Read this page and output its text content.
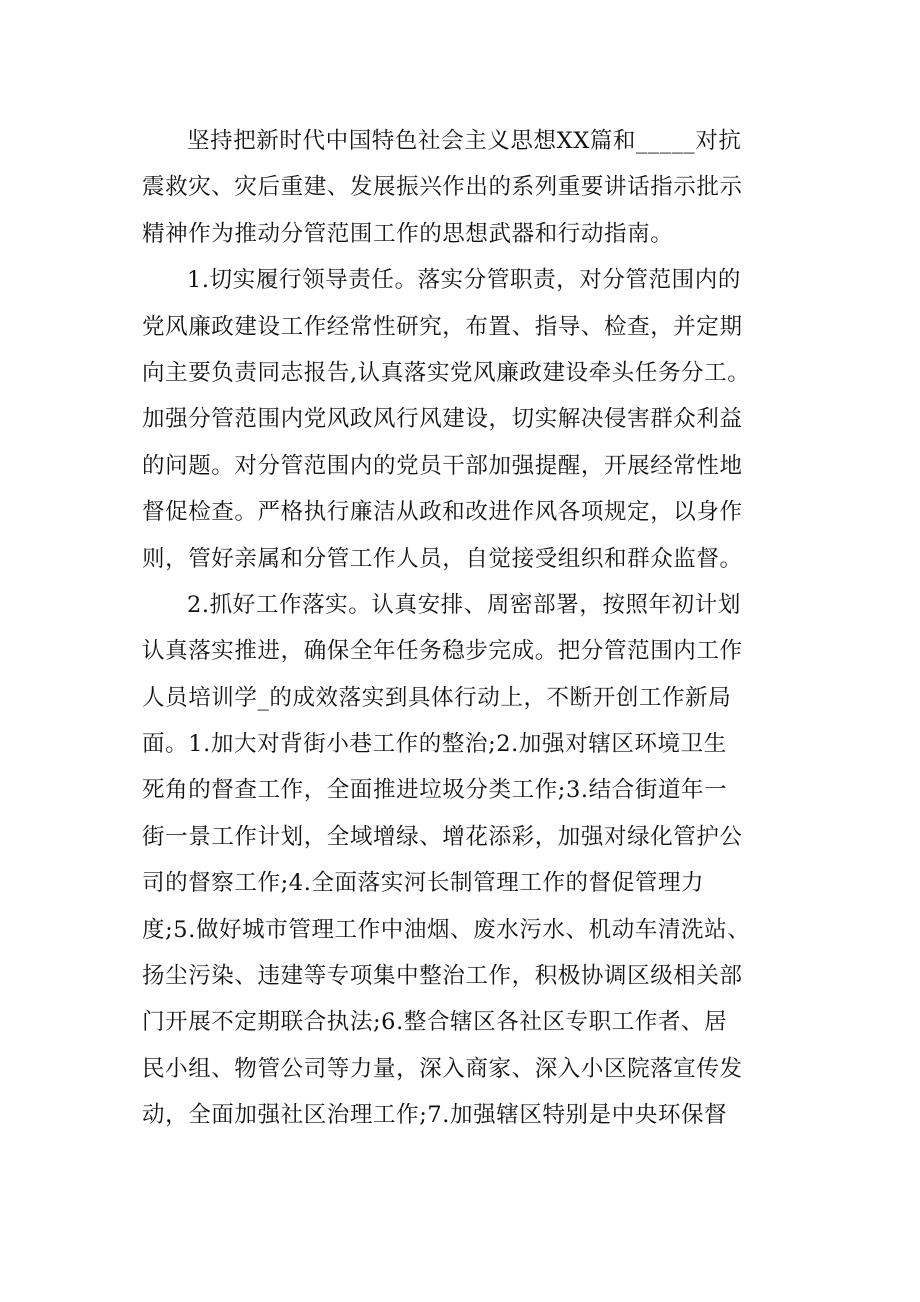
坚持把新时代中国特色社会主义思想XX篇和_____对抗
震救灾、灾后重建、发展振兴作出的系列重要讲话指示批示
精神作为推动分管范围工作的思想武器和行动指南。
1.切实履行领导责任。落实分管职责，对分管范围内的
党风廉政建设工作经常性研究，布置、指导、检查，并定期
向主要负责同志报告,认真落实党风廉政建设牵头任务分工。
加强分管范围内党风政风行风建设，切实解决侵害群众利益
的问题。对分管范围内的党员干部加强提醒，开展经常性地
督促检查。严格执行廉洁从政和改进作风各项规定，以身作
则，管好亲属和分管工作人员，自觉接受组织和群众监督。
2.抓好工作落实。认真安排、周密部署，按照年初计划
认真落实推进，确保全年任务稳步完成。把分管范围内工作
人员培训学_的成效落实到具体行动上，不断开创工作新局
面。1.加大对背街小巷工作的整治;2.加强对辖区环境卫生
死角的督查工作，全面推进垃圾分类工作;3.结合街道年一
街一景工作计划，全域增绿、增花添彩，加强对绿化管护公
司的督察工作;4.全面落实河长制管理工作的督促管理力
度;5.做好城市管理工作中油烟、废水污水、机动车清洗站、
扬尘污染、违建等专项集中整治工作，积极协调区级相关部
门开展不定期联合执法;6.整合辖区各社区专职工作者、居
民小组、物管公司等力量，深入商家、深入小区院落宣传发
动，全面加强社区治理工作;7.加强辖区特别是中央环保督
